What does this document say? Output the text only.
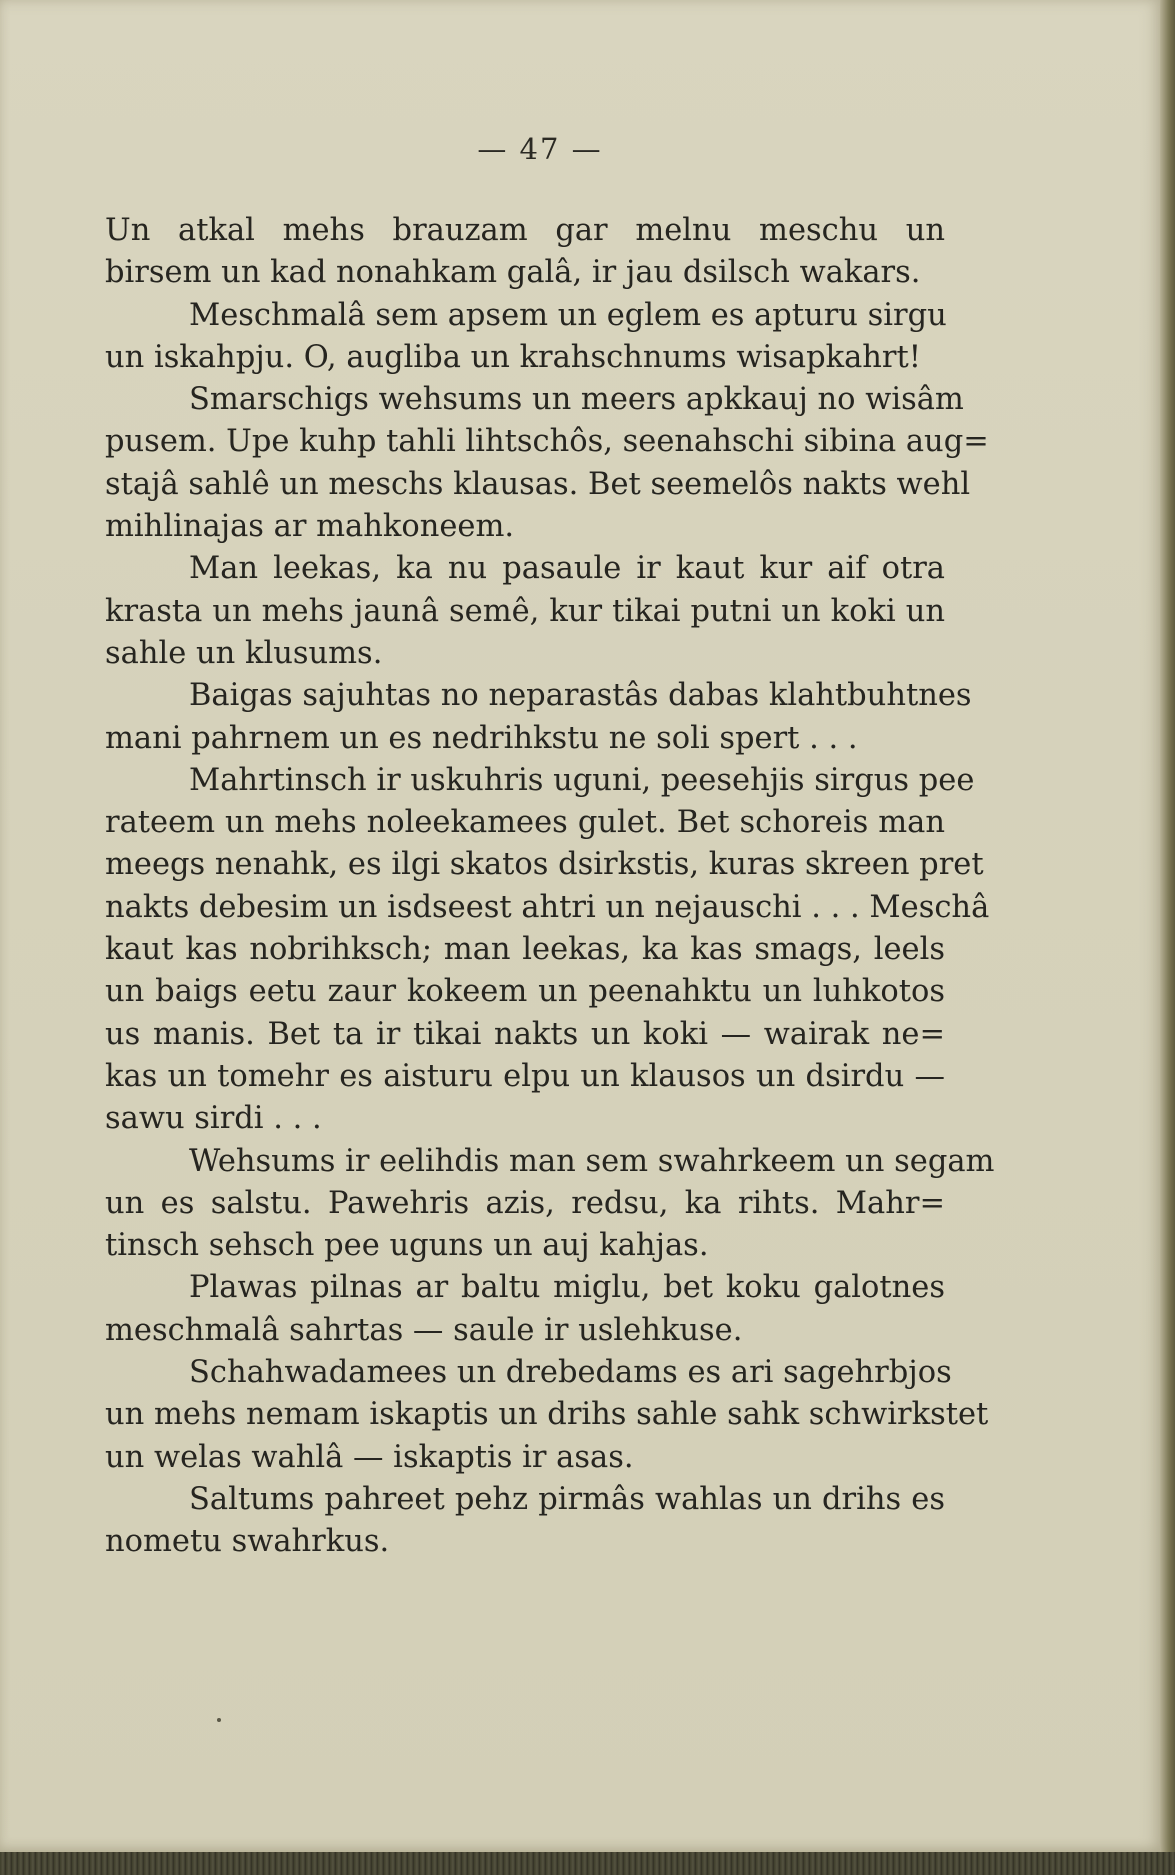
— 47 —
Un atkal mehs brauzam gar melnu meschu un
birsem un kad nonahkam galâ, ir jau dsilsch wakars.
Meschmalâ sem apsem un eglem es apturu sirgu
un iskahpju. O, augliba un krahschnums wisapkahrt!
Smarschigs wehsums un meers apkkauj no wisâm
pusem. Upe kuhp tahli lihtschôs, seenahschi sibina aug=
stajâ sahlê un meschs klausas. Bet seemelôs nakts wehl
mihlinajas ar mahkoneem.
Man leekas, ka nu pasaule ir kaut kur aif otra
krasta un mehs jaunâ semê, kur tikai putni un koki un
sahle un klusums.
Baigas sajuhtas no neparastâs dabas klahtbuhtnes
mani pahrnem un es nedrihkstu ne soli spert . . .
Mahrtinsch ir uskuhris uguni, peesehjis sirgus pee
rateem un mehs noleekamees gulet. Bet schoreis man
meegs nenahk, es ilgi skatos dsirkstis, kuras skreen pret
nakts debesim un isdseest ahtri un nejauschi . . . Meschâ
kaut kas nobrihksch; man leekas, ka kas smags, leels
un baigs eetu zaur kokeem un peenahktu un luhkotos
us manis. Bet ta ir tikai nakts un koki — wairak ne=
kas un tomehr es aisturu elpu un klausos un dsirdu —
sawu sirdi . . .
Wehsums ir eelihdis man sem swahrkeem un segam
un es salstu. Pawehris azis, redsu, ka rihts. Mahr=
tinsch sehsch pee uguns un auj kahjas.
Plawas pilnas ar baltu miglu, bet koku galotnes
meschmalâ sahrtas — saule ir uslehkuse.
Schahwadamees un drebedams es ari sagehrbjos
un mehs nemam iskaptis un drihs sahle sahk schwirkstet
un welas wahlâ — iskaptis ir asas.
Saltums pahreet pehz pirmâs wahlas un drihs es
nometu swahrkus.
